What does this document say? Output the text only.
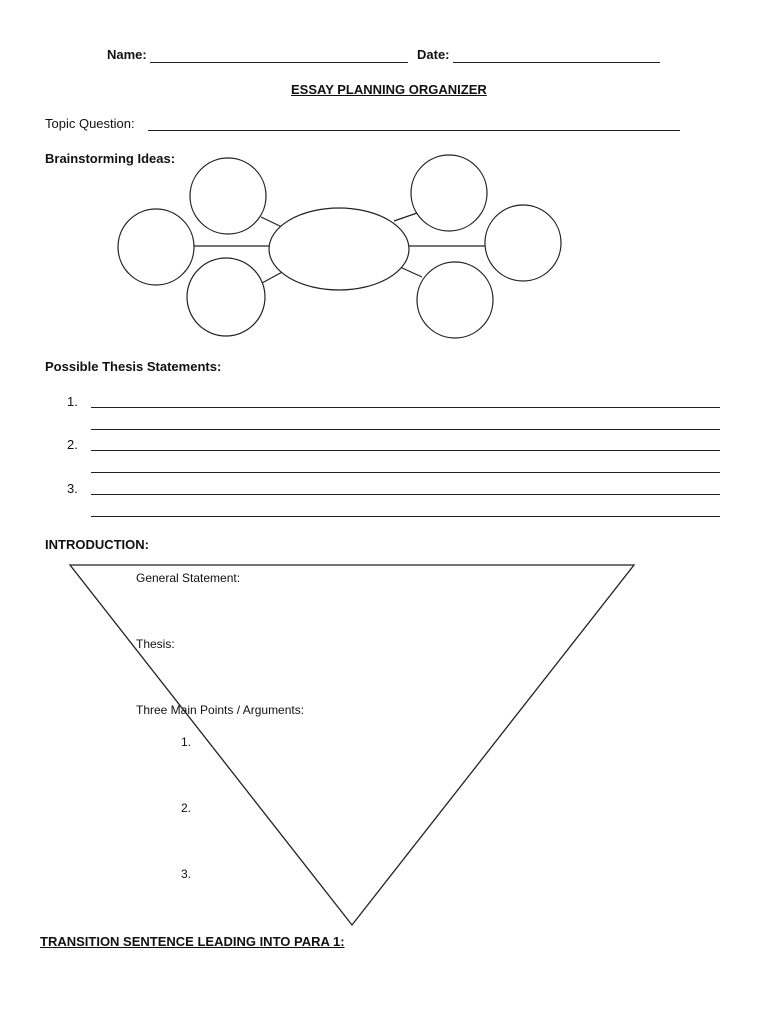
Name:	Date:
ESSAY PLANNING ORGANIZER
Topic Question:
Brainstorming Ideas:
Possible Thesis Statements:
1.
2.
3.
INTRODUCTION:
General Statement:
Thesis:
Three Main Points / Arguments:
1.
2.
3.
TRANSITION SENTENCE LEADING INTO PARA 1:
